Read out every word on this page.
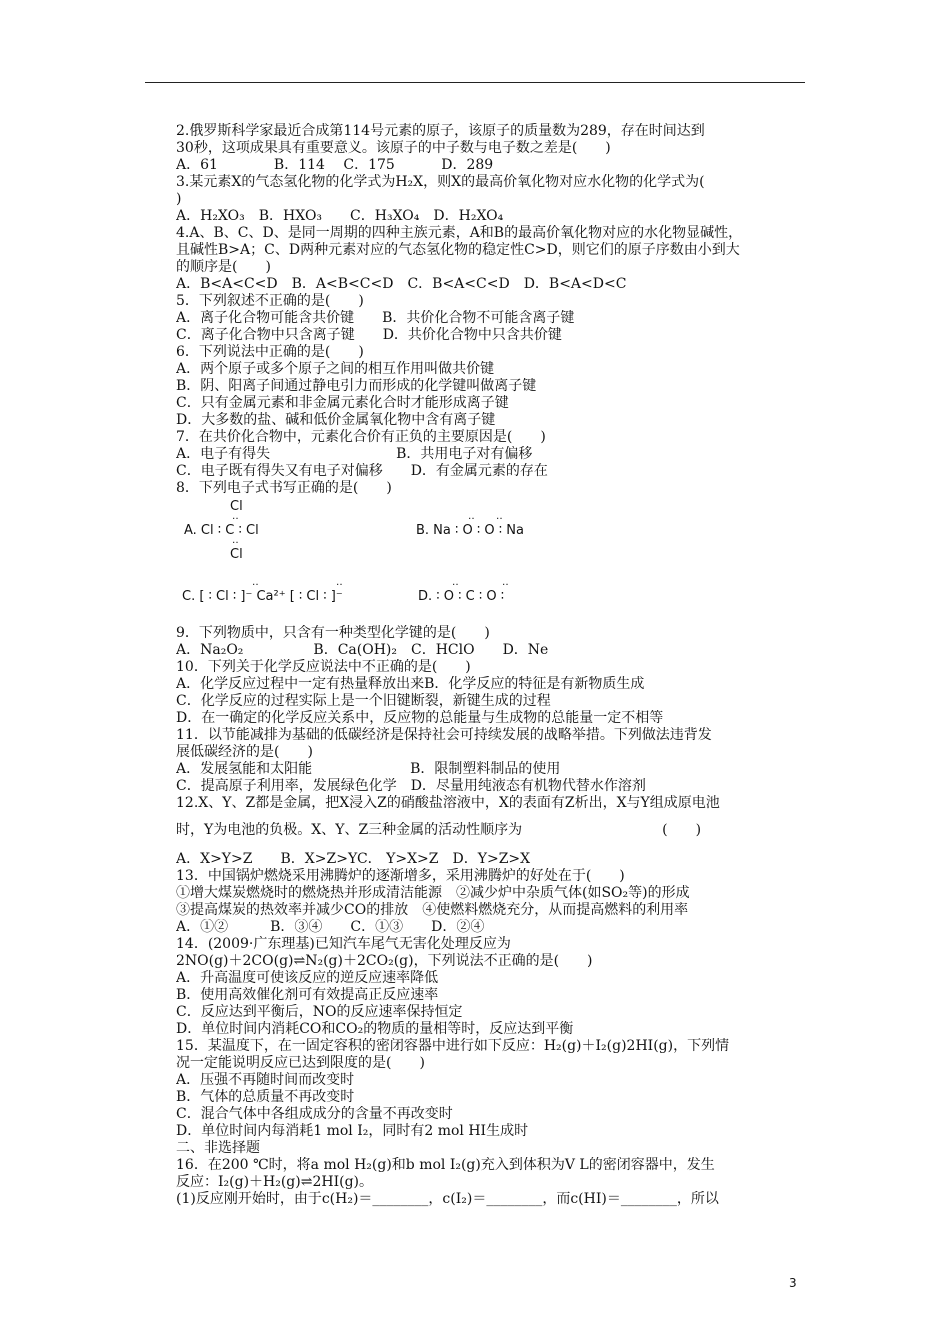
2.俄罗斯科学家最近合成第114号元素的原子，该原子的质量数为289，存在时间达到
30秒，这项成果具有重要意义。该原子的中子数与电子数之差是(　　)
A．61　　　　B．114　 C．175　　　 D．289
3.某元素X的气态氢化物的化学式为H₂X，则X的最高价氧化物对应水化物的化学式为(
)
A．H₂XO₃　B．HXO₃　　C．H₃XO₄　D．H₂XO₄
4.A、B、C、D、是同一周期的四种主族元素，A和B的最高价氧化物对应的水化物显碱性，
且碱性B>A；C、D两种元素对应的气态氢化物的稳定性C>D，则它们的原子序数由小到大
的顺序是(　　)
A．B<A<C<D　B．A<B<C<D　C．B<A<C<D　D．B<A<D<C
5．下列叙述不正确的是(　　)
A．离子化合物可能含共价键　　B．共价化合物不可能含离子键
C．离子化合物中只含离子键　　D．共价化合物中只含共价键
6．下列说法中正确的是(　　)
A．两个原子或多个原子之间的相互作用叫做共价键
B．阴、阳离子间通过静电引力而形成的化学键叫做离子键
C．只有金属元素和非金属元素化合时才能形成离子键
D．大多数的盐、碱和低价金属氧化物中含有离子键
7．在共价化合物中，元素化合价有正负的主要原因是(　　)
A．电子有得失　　　　　　　　　B．共用电子对有偏移
C．电子既有得失又有电子对偏移　　D．有金属元素的存在
8．下列电子式书写正确的是(　　)
Cl
‥
A. Cl ∶ C ∶ Cl
‥
Cl
‥ ‥
B. Na ∶ O ∶ O ∶ Na
‥	‥
C. [ ∶ Cl ∶ ]⁻ Ca²⁺ [ ∶ Cl ∶ ]⁻
‥	‥
D. ∶ O ∶ C ∶ O ∶
9．下列物质中，只含有一种类型化学键的是(　　)
A．Na₂O₂　　　　　B．Ca(OH)₂　C．HClO　　D．Ne
10．下列关于化学反应说法中不正确的是(　　)
A．化学反应过程中一定有热量释放出来B．化学反应的特征是有新物质生成
C．化学反应的过程实际上是一个旧键断裂，新键生成的过程
D．在一确定的化学反应关系中，反应物的总能量与生成物的总能量一定不相等
11．以节能减排为基础的低碳经济是保持社会可持续发展的战略举措。下列做法违背发
展低碳经济的是(　　)
A．发展氢能和太阳能　　　　　　　B．限制塑料制品的使用
C．提高原子利用率，发展绿色化学　D．尽量用纯液态有机物代替水作溶剂
12.X、Y、Z都是金属，把X浸入Z的硝酸盐溶液中，X的表面有Z析出，X与Y组成原电池
时，Y为电池的负极。X、Y、Z三种金属的活动性顺序为　　　　　　　　　　(　　)
A．X>Y>Z　　B．X>Z>YC． Y>X>Z　D．Y>Z>X
13．中国锅炉燃烧采用沸腾炉的逐渐增多，采用沸腾炉的好处在于(　　)
①增大煤炭燃烧时的燃烧热并形成清洁能源　②减少炉中杂质气体(如SO₂等)的形成
③提高煤炭的热效率并减少CO的排放　④使燃料燃烧充分，从而提高燃料的利用率
A．①②　　　B．③④　　C．①③　　D．②④
14．(2009·广东理基)已知汽车尾气无害化处理反应为
2NO(g)＋2CO(g)⇌N₂(g)＋2CO₂(g)，下列说法不正确的是(　　)
A．升高温度可使该反应的逆反应速率降低
B．使用高效催化剂可有效提高正反应速率
C．反应达到平衡后，NO的反应速率保持恒定
D．单位时间内消耗CO和CO₂的物质的量相等时，反应达到平衡
15．某温度下，在一固定容积的密闭容器中进行如下反应：H₂(g)＋I₂(g)2HI(g)，下列情
况一定能说明反应已达到限度的是(　　)
A．压强不再随时间而改变时
B．气体的总质量不再改变时
C．混合气体中各组成成分的含量不再改变时
D．单位时间内每消耗1 mol I₂，同时有2 mol HI生成时
二、非选择题
16．在200 ℃时，将a mol H₂(g)和b mol I₂(g)充入到体积为V L的密闭容器中，发生
反应：I₂(g)＋H₂(g)⇌2HI(g)。
(1)反应刚开始时，由于c(H₂)＝________，c(I₂)＝________，而c(HI)＝________，所以
3
